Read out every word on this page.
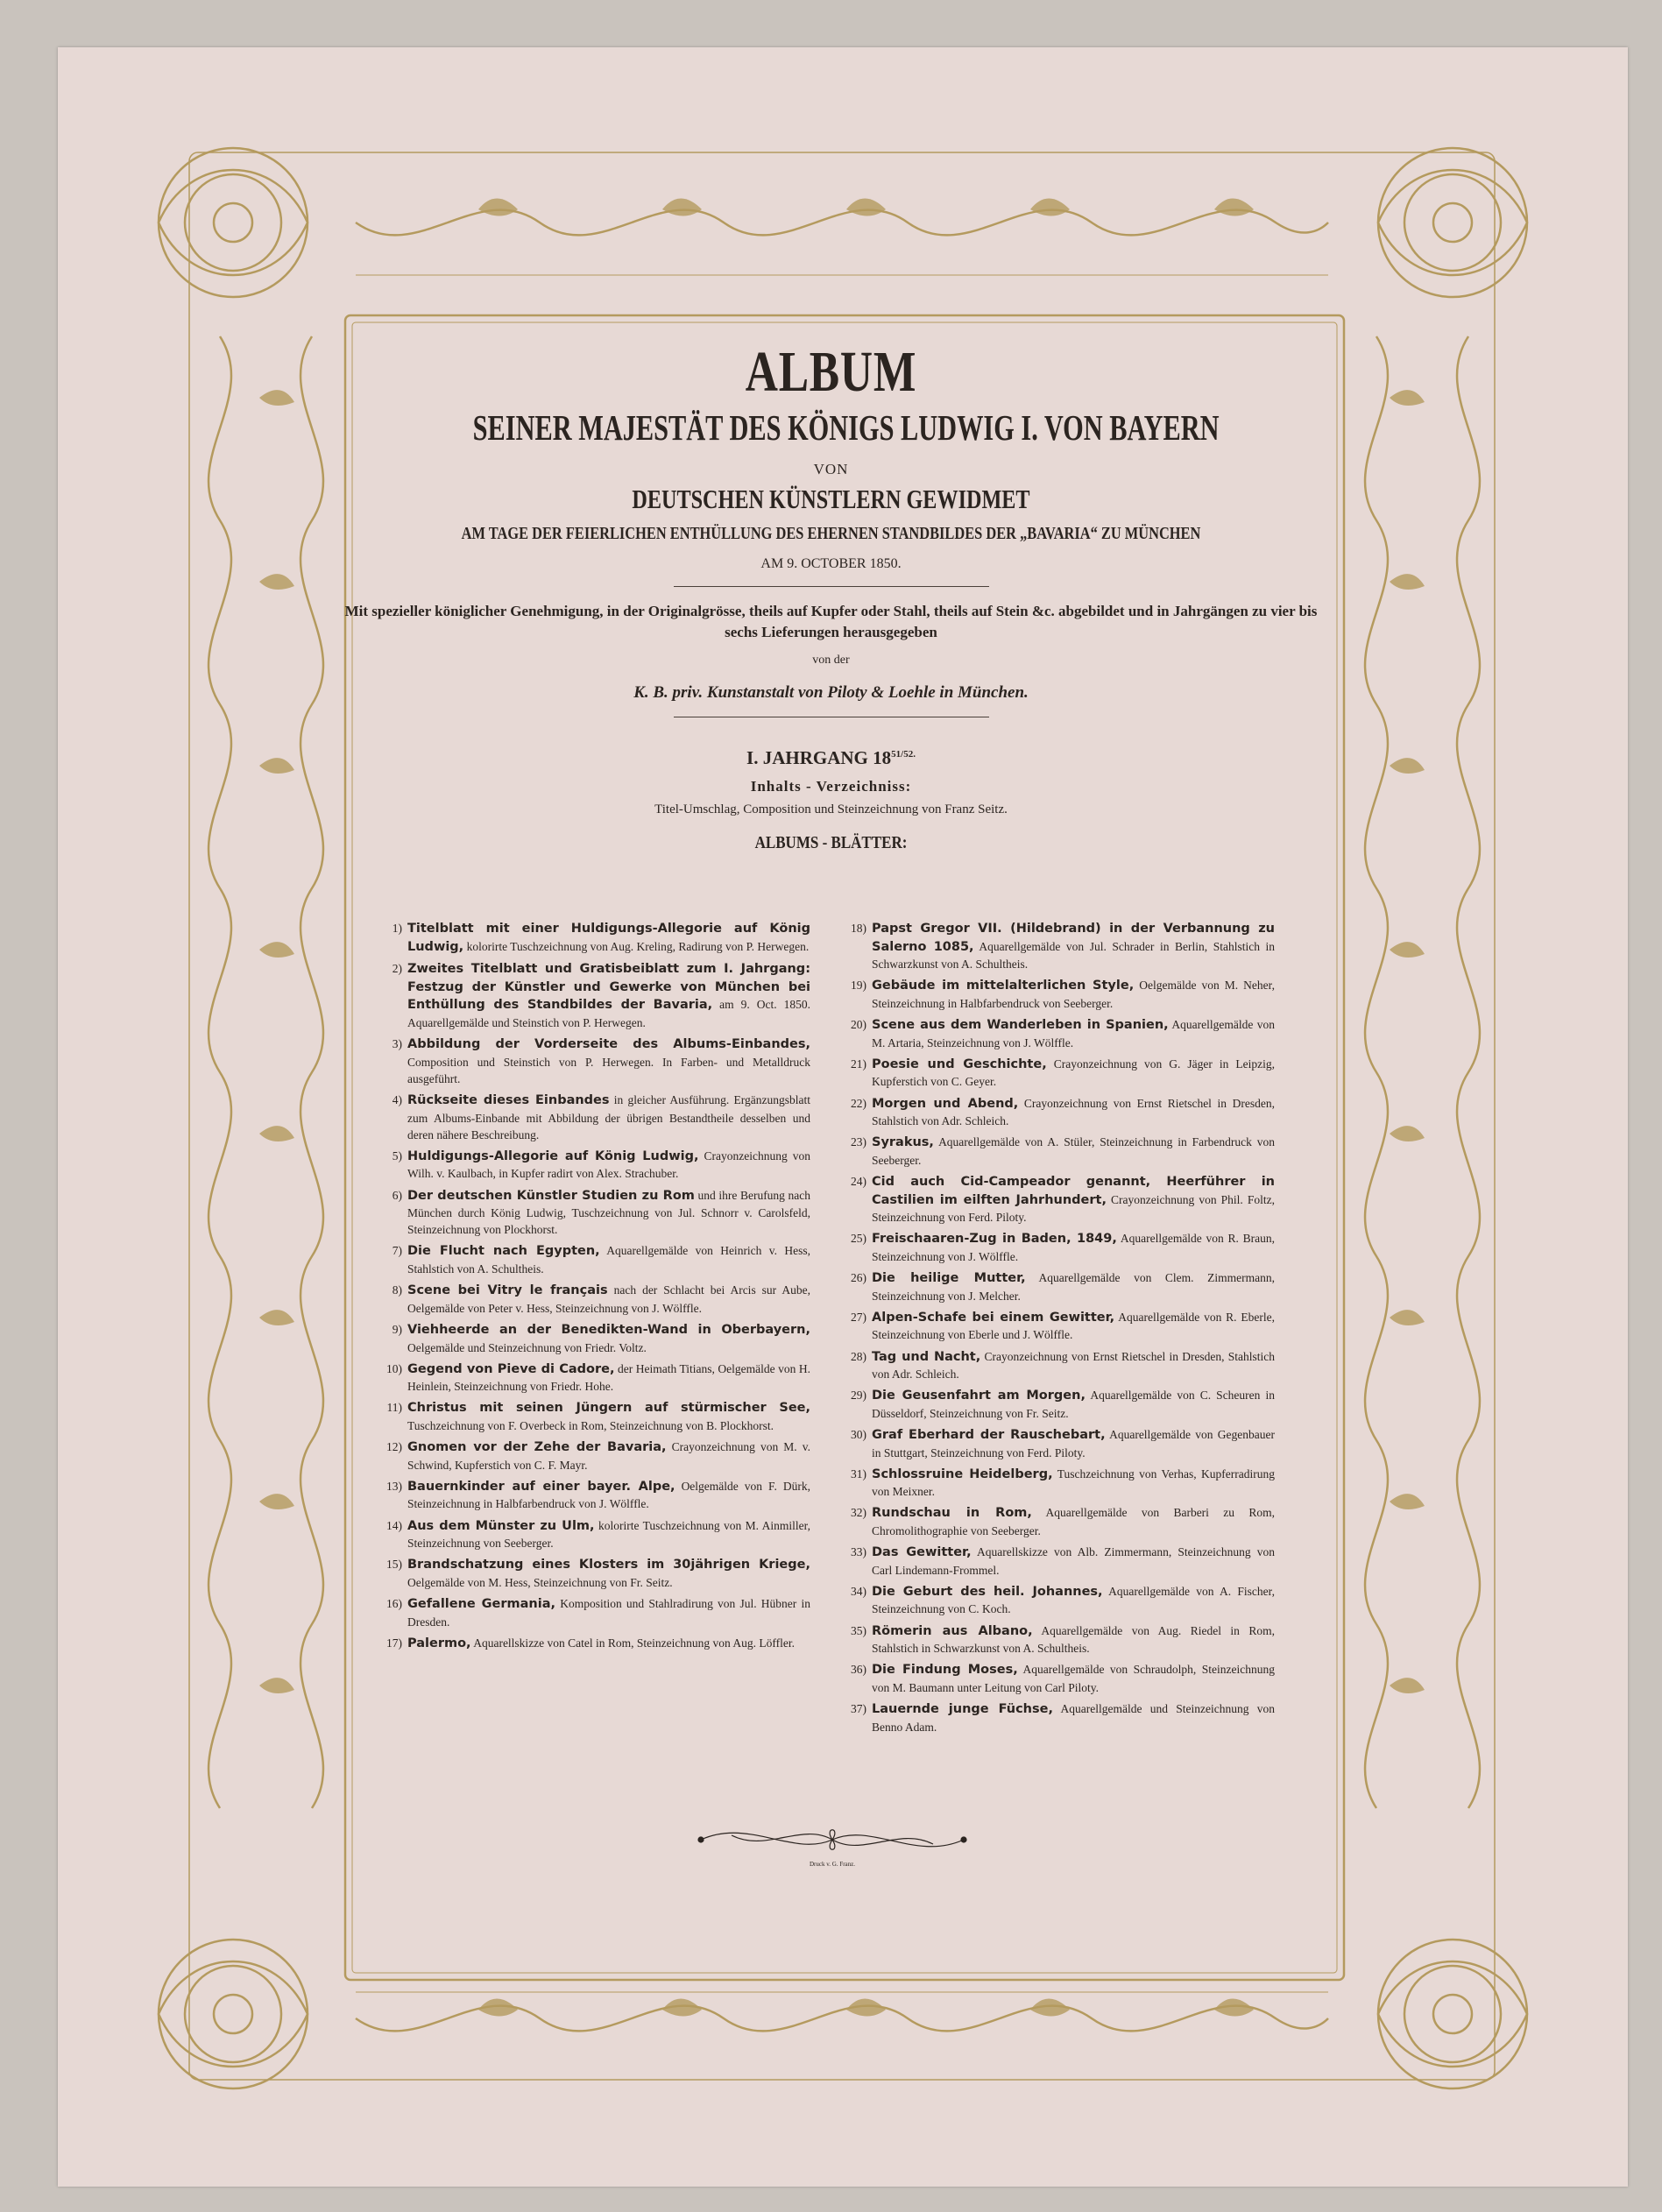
ALBUM
SEINER MAJESTÄT DES KÖNIGS LUDWIG I. VON BAYERN
VON
DEUTSCHEN KÜNSTLERN GEWIDMET
AM TAGE DER FEIERLICHEN ENTHÜLLUNG DES EHERNEN STANDBILDES DER „BAVARIA“ ZU MÜNCHEN
AM 9. OCTOBER 1850.
Mit spezieller königlicher Genehmigung, in der Originalgrösse, theils auf Kupfer oder Stahl, theils auf Stein &c. abgebildet und in Jahrgängen zu vier bis sechs Lieferungen herausgegeben
von der
K. B. priv. Kunstanstalt von Piloty & Loehle in München.
I. JAHRGANG $18^{51/52.}$
Inhalts - Verzeichniss:
Titel-Umschlag, Composition und Steinzeichnung von Franz Seitz.
ALBUMS - BLÄTTER:
1) Titelblatt mit einer Huldigungs-Allegorie auf König Ludwig, kolorirte Tuschzeichnung von Aug. Kreling, Radirung von P. Herwegen.
2) Zweites Titelblatt und Gratisbeiblatt zum I. Jahrgang: Festzug der Künstler und Gewerke von München bei Enthüllung des Standbildes der Bavaria, am 9. Oct. 1850. Aquarellgemälde und Steinstich von P. Herwegen.
3) Abbildung der Vorderseite des Albums-Einbandes, Composition und Steinstich von P. Herwegen. In Farben- und Metalldruck ausgeführt.
4) Rückseite dieses Einbandes in gleicher Ausführung. Ergänzungsblatt zum Albums-Einbande mit Abbildung der übrigen Bestandtheile desselben und deren nähere Beschreibung.
5) Huldigungs-Allegorie auf König Ludwig, Crayonzeichnung von Wilh. v. Kaulbach, in Kupfer radirt von Alex. Strachuber.
6) Der deutschen Künstler Studien zu Rom und ihre Berufung nach München durch König Ludwig, Tuschzeichnung von Jul. Schnorr v. Carolsfeld, Steinzeichnung von Plockhorst.
7) Die Flucht nach Egypten, Aquarellgemälde von Heinrich v. Hess, Stahlstich von A. Schultheis.
8) Scene bei Vitry le français nach der Schlacht bei Arcis sur Aube, Oelgemälde von Peter v. Hess, Steinzeichnung von J. Wölffle.
9) Viehheerde an der Benedikten-Wand in Oberbayern, Oelgemälde und Steinzeichnung von Friedr. Voltz.
10) Gegend von Pieve di Cadore, der Heimath Titians, Oelgemälde von H. Heinlein, Steinzeichnung von Friedr. Hohe.
11) Christus mit seinen Jüngern auf stürmischer See, Tuschzeichnung von F. Overbeck in Rom, Steinzeichnung von B. Plockhorst.
12) Gnomen vor der Zehe der Bavaria, Crayonzeichnung von M. v. Schwind, Kupferstich von C. F. Mayr.
13) Bauernkinder auf einer bayer. Alpe, Oelgemälde von F. Dürk, Steinzeichnung in Halbfarbendruck von J. Wölffle.
14) Aus dem Münster zu Ulm, kolorirte Tuschzeichnung von M. Ainmiller, Steinzeichnung von Seeberger.
15) Brandschatzung eines Klosters im 30jährigen Kriege, Oelgemälde von M. Hess, Steinzeichnung von Fr. Seitz.
16) Gefallene Germania, Komposition und Stahlradirung von Jul. Hübner in Dresden.
17) Palermo, Aquarellskizze von Catel in Rom, Steinzeichnung von Aug. Löffler.
18) Papst Gregor VII. (Hildebrand) in der Verbannung zu Salerno 1085, Aquarellgemälde von Jul. Schrader in Berlin, Stahlstich in Schwarzkunst von A. Schultheis.
19) Gebäude im mittelalterlichen Style, Oelgemälde von M. Neher, Steinzeichnung in Halbfarbendruck von Seeberger.
20) Scene aus dem Wanderleben in Spanien, Aquarellgemälde von M. Artaria, Steinzeichnung von J. Wölffle.
21) Poesie und Geschichte, Crayonzeichnung von G. Jäger in Leipzig, Kupferstich von C. Geyer.
22) Morgen und Abend, Crayonzeichnung von Ernst Rietschel in Dresden, Stahlstich von Adr. Schleich.
23) Syrakus, Aquarellgemälde von A. Stüler, Steinzeichnung in Farbendruck von Seeberger.
24) Cid auch Cid-Campeador genannt, Heerführer in Castilien im eilften Jahrhundert, Crayonzeichnung von Phil. Foltz, Steinzeichnung von Ferd. Piloty.
25) Freischaaren-Zug in Baden, 1849, Aquarellgemälde von R. Braun, Steinzeichnung von J. Wölffle.
26) Die heilige Mutter, Aquarellgemälde von Clem. Zimmermann, Steinzeichnung von J. Melcher.
27) Alpen-Schafe bei einem Gewitter, Aquarellgemälde von R. Eberle, Steinzeichnung von Eberle und J. Wölffle.
28) Tag und Nacht, Crayonzeichnung von Ernst Rietschel in Dresden, Stahlstich von Adr. Schleich.
29) Die Geusenfahrt am Morgen, Aquarellgemälde von C. Scheuren in Düsseldorf, Steinzeichnung von Fr. Seitz.
30) Graf Eberhard der Rauschebart, Aquarellgemälde von Gegenbauer in Stuttgart, Steinzeichnung von Ferd. Piloty.
31) Schlossruine Heidelberg, Tuschzeichnung von Verhas, Kupferradirung von Meixner.
32) Rundschau in Rom, Aquarellgemälde von Barberi zu Rom, Chromolithographie von Seeberger.
33) Das Gewitter, Aquarellskizze von Alb. Zimmermann, Steinzeichnung von Carl Lindemann-Frommel.
34) Die Geburt des heil. Johannes, Aquarellgemälde von A. Fischer, Steinzeichnung von C. Koch.
35) Römerin aus Albano, Aquarellgemälde von Aug. Riedel in Rom, Stahlstich in Schwarzkunst von A. Schultheis.
36) Die Findung Moses, Aquarellgemälde von Schraudolph, Steinzeichnung von M. Baumann unter Leitung von Carl Piloty.
37) Lauernde junge Füchse, Aquarellgemälde und Steinzeichnung von Benno Adam.
Druck v. G. Franz.
